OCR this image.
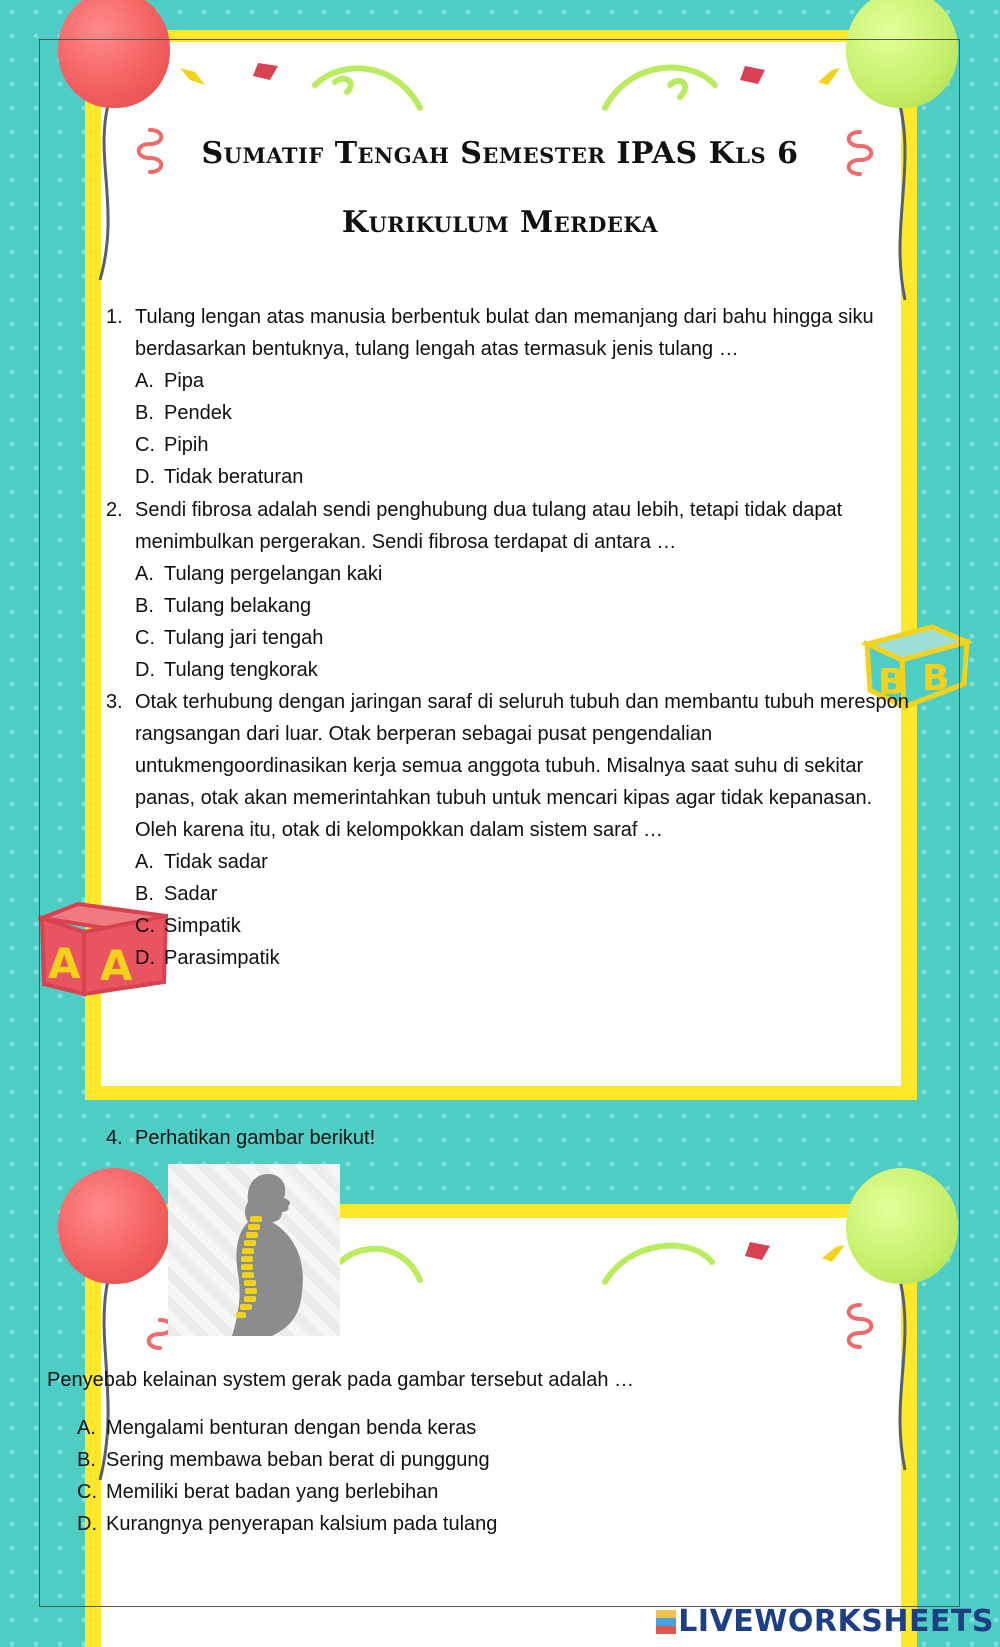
B B
A A
Sumatif Tengah Semester IPAS Kls 6
Kurikulum Merdeka
1. Tulang lengan atas manusia berbentuk bulat dan memanjang dari bahu hingga siku berdasarkan bentuknya, tulang lengah atas termasuk jenis tulang …
A. Pipa
B. Pendek
C. Pipih
D. Tidak beraturan
2. Sendi fibrosa adalah sendi penghubung dua tulang atau lebih, tetapi tidak dapat menimbulkan pergerakan. Sendi fibrosa terdapat di antara …
A. Tulang pergelangan kaki
B. Tulang belakang
C. Tulang jari tengah
D. Tulang tengkorak
3. Otak terhubung dengan jaringan saraf di seluruh tubuh dan membantu tubuh merespon rangsangan dari luar. Otak berperan sebagai pusat pengendalian untukmengoordinasikan kerja semua anggota tubuh. Misalnya saat suhu di sekitar panas, otak akan memerintahkan tubuh untuk mencari kipas agar tidak kepanasan. Oleh karena itu, otak di kelompokkan dalam sistem saraf …
A. Tidak sadar
B. Sadar
C. Simpatik
D. Parasimpatik
4. Perhatikan gambar berikut!
Penyebab kelainan system gerak pada gambar tersebut adalah …
A. Mengalami benturan dengan benda keras
B. Sering membawa beban berat di punggung
C. Memiliki berat badan yang berlebihan
D. Kurangnya penyerapan kalsium pada tulang
LIVEWORKSHEETS
